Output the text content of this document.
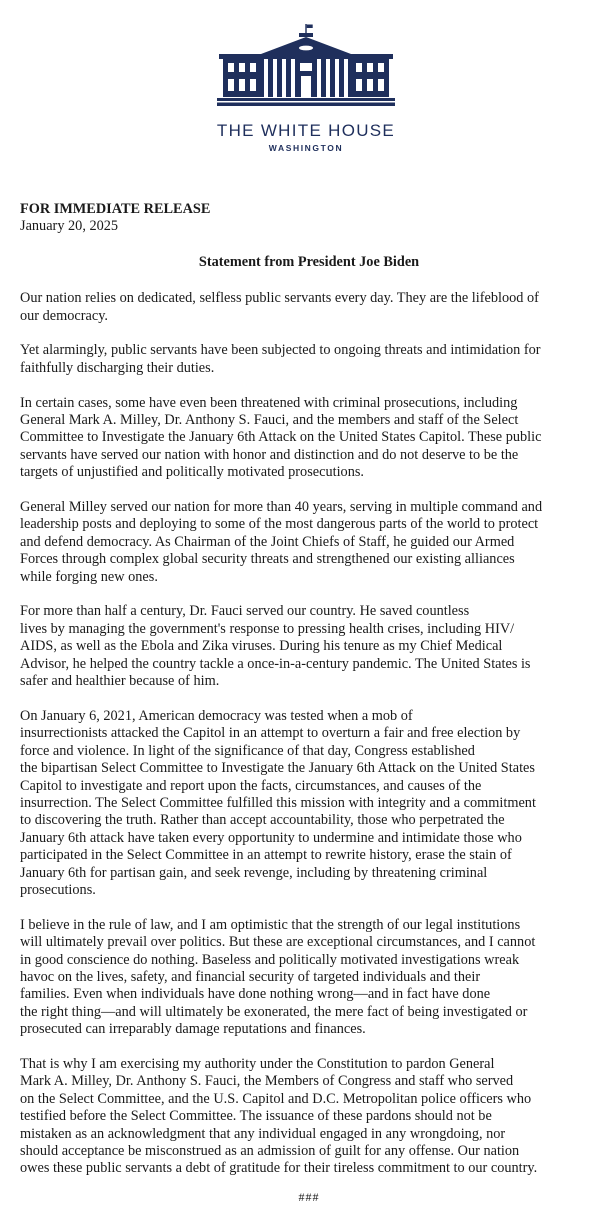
THE WHITE HOUSE
WASHINGTON

FOR IMMEDIATE RELEASE

January 20, 2025

Statement from President Joe Biden

Our nation relies on dedicated, selfless public servants every day. They are the lifeblood of
our democracy.

Yet alarmingly, public servants have been subjected to ongoing threats and intimidation for
faithfully discharging their duties.

In certain cases, some have even been threatened with criminal prosecutions, including
General Mark A. Milley, Dr. Anthony S. Fauci, and the members and staff of the Select
Committee to Investigate the January 6th Attack on the United States Capitol. These public
servants have served our nation with honor and distinction and do not deserve to be the
targets of unjustified and politically motivated prosecutions.

General Milley served our nation for more than 40 years, serving in multiple command and
leadership posts and deploying to some of the most dangerous parts of the world to protect
and defend democracy. As Chairman of the Joint Chiefs of Staff, he guided our Armed
Forces through complex global security threats and strengthened our existing alliances
while forging new ones.

For more than half a century, Dr. Fauci served our country. He saved countless
lives by managing the government's response to pressing health crises, including HIV/
AIDS, as well as the Ebola and Zika viruses. During his tenure as my Chief Medical
Advisor, he helped the country tackle a once-in-a-century pandemic. The United States is
safer and healthier because of him.

On January 6, 2021, American democracy was tested when a mob of
insurrectionists attacked the Capitol in an attempt to overturn a fair and free election by
force and violence. In light of the significance of that day, Congress established
the bipartisan Select Committee to Investigate the January 6th Attack on the United States
Capitol to investigate and report upon the facts, circumstances, and causes of the
insurrection. The Select Committee fulfilled this mission with integrity and a commitment
to discovering the truth. Rather than accept accountability, those who perpetrated the
January 6th attack have taken every opportunity to undermine and intimidate those who
participated in the Select Committee in an attempt to rewrite history, erase the stain of
January 6th for partisan gain, and seek revenge, including by threatening criminal
prosecutions.

I believe in the rule of law, and I am optimistic that the strength of our legal institutions
will ultimately prevail over politics. But these are exceptional circumstances, and I cannot
in good conscience do nothing. Baseless and politically motivated investigations wreak
havoc on the lives, safety, and financial security of targeted individuals and their
families. Even when individuals have done nothing wrong—and in fact have done
the right thing—and will ultimately be exonerated, the mere fact of being investigated or
prosecuted can irreparably damage reputations and finances.

That is why I am exercising my authority under the Constitution to pardon General
Mark A. Milley, Dr. Anthony S. Fauci, the Members of Congress and staff who served
on the Select Committee, and the U.S. Capitol and D.C. Metropolitan police officers who
testified before the Select Committee. The issuance of these pardons should not be
mistaken as an acknowledgment that any individual engaged in any wrongdoing, nor
should acceptance be misconstrued as an admission of guilt for any offense. Our nation
owes these public servants a debt of gratitude for their tireless commitment to our country.

###
